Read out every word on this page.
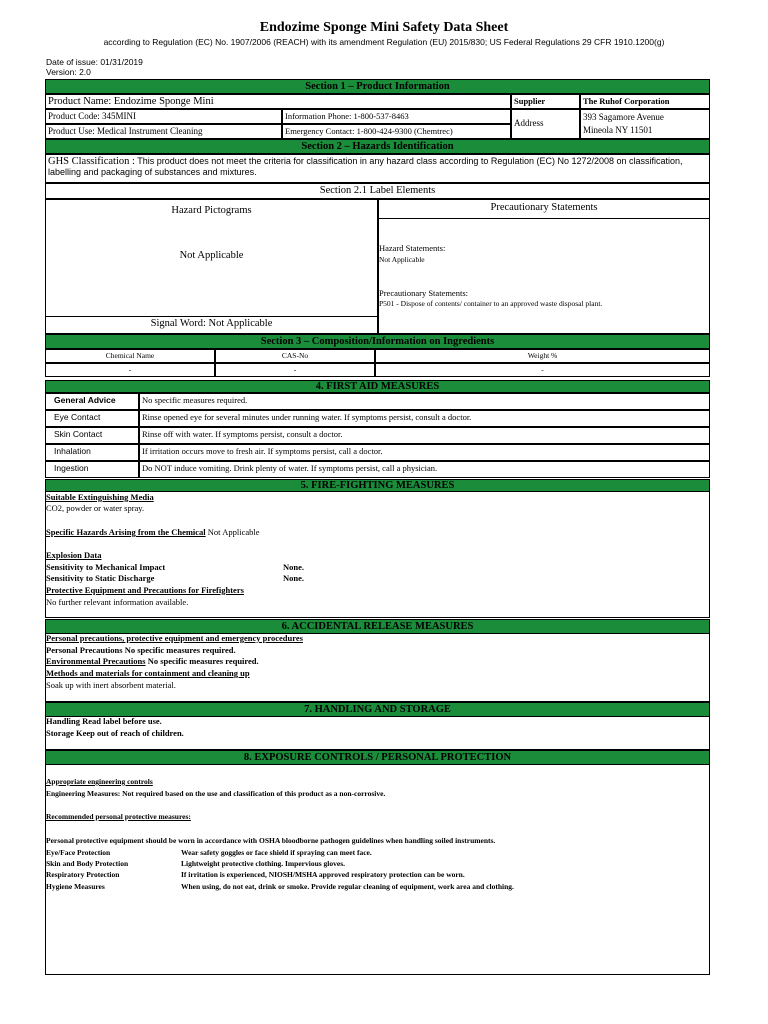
Endozime Sponge Mini Safety Data Sheet
according to Regulation (EC) No. 1907/2006 (REACH) with its amendment Regulation (EU) 2015/830; US Federal Regulations 29 CFR 1910.1200(g)
Date of issue: 01/31/2019
Version: 2.0
Section 1 – Product Information
Product Name: Endozime Sponge Mini	Supplier	The Ruhof Corporation
Product Code: 345MINI	Information Phone: 1-800-537-8463
Product Use: Medical Instrument Cleaning	Emergency Contact: 1-800-424-9300 (Chemtrec)
Address
393 Sagamore Avenue
Mineola NY 11501
Section 2 – Hazards Identification
GHS Classification : This product does not meet the criteria for classification in any hazard class according to Regulation (EC) No 1272/2008 on classification, labelling and packaging of substances and mixtures.
Section 2.1 Label Elements
Hazard Pictograms
Not Applicable
Signal Word: Not Applicable
Precautionary Statements
Hazard Statements:
Not Applicable
Precautionary Statements:
P501 - Dispose of contents/ container to an approved waste disposal plant.
Section 3 – Composition/Information on Ingredients
Chemical Name	CAS-No	Weight %
-	-	-
4. FIRST AID MEASURES
General Advice	No specific measures required.
Eye Contact	Rinse opened eye for several minutes under running water. If symptoms persist, consult a doctor.
Skin Contact	Rinse off with water. If symptoms persist, consult a doctor.
Inhalation	If irritation occurs move to fresh air. If symptoms persist, call a doctor.
Ingestion	Do NOT induce vomiting. Drink plenty of water. If symptoms persist, call a physician.
5. FIRE-FIGHTING MEASURES
Suitable Extinguishing Media
CO2, powder or water spray.
Specific Hazards Arising from the Chemical Not Applicable
Explosion Data
Sensitivity to Mechanical Impact	None.
Sensitivity to Static Discharge	None.
Protective Equipment and Precautions for Firefighters
No further relevant information available.
6. ACCIDENTAL RELEASE MEASURES
Personal precautions, protective equipment and emergency procedures
Personal Precautions No specific measures required.
Environmental Precautions No specific measures required.
Methods and materials for containment and cleaning up
Soak up with inert absorbent material.
7. HANDLING AND STORAGE
Handling Read label before use.
Storage Keep out of reach of children.
8. EXPOSURE CONTROLS / PERSONAL PROTECTION
Appropriate engineering controls
Engineering Measures: Not required based on the use and classification of this product as a non-corrosive.
Recommended personal protective measures:
Personal protective equipment should be worn in accordance with OSHA bloodborne pathogen guidelines when handling soiled instruments.
Eye/Face Protection	Wear safety goggles or face shield if spraying can meet face.
Skin and Body Protection	Lightweight protective clothing. Impervious gloves.
Respiratory Protection	If irritation is experienced, NIOSH/MSHA approved respiratory protection can be worn.
Hygiene Measures	When using, do not eat, drink or smoke. Provide regular cleaning of equipment, work area and clothing.
